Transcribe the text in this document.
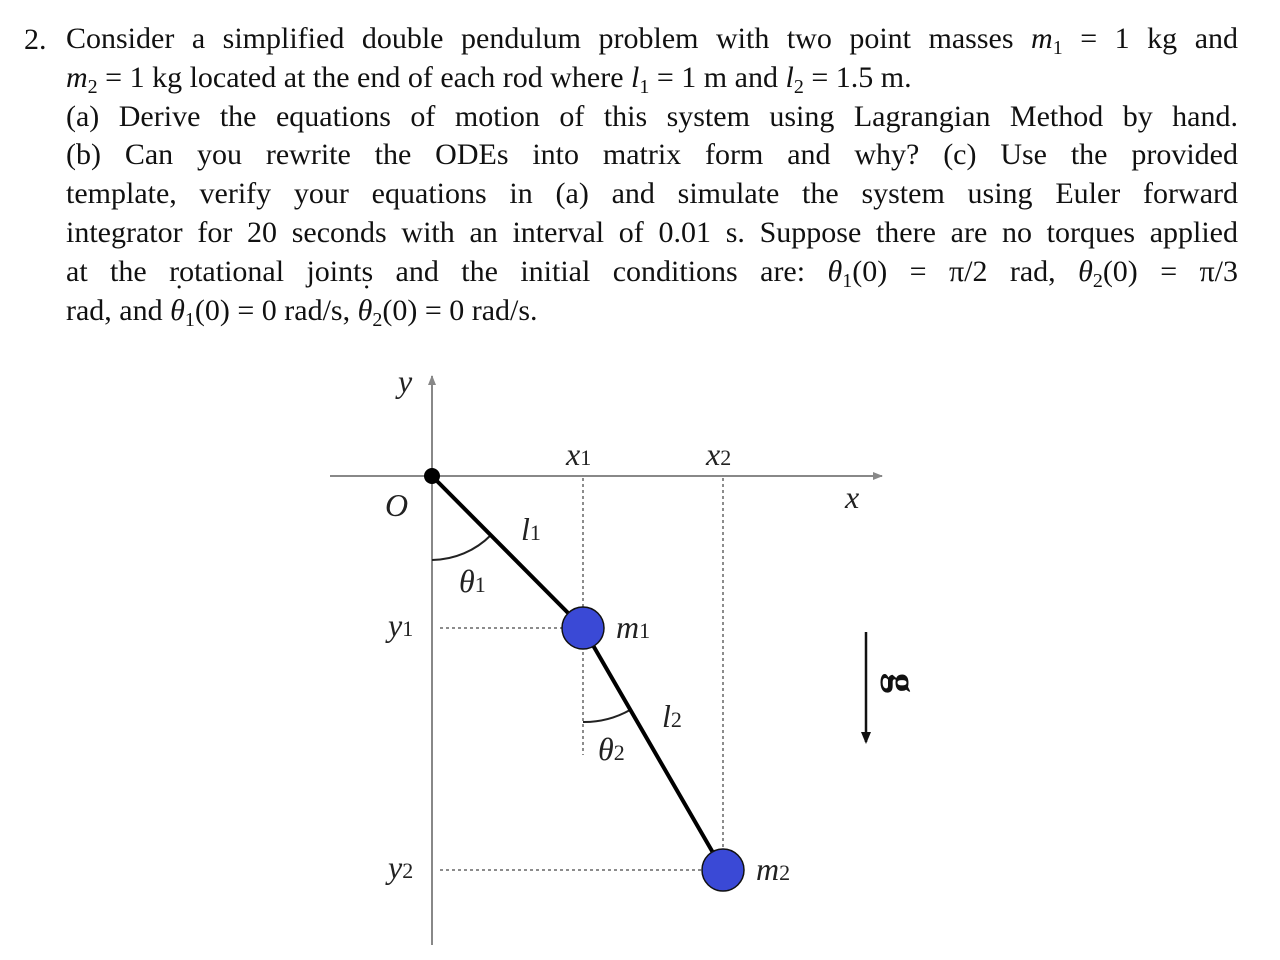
2. Consider a simplified double pendulum problem with two point masses $m_1 = 1$ kg and
$m_2 = 1$ kg located at the end of each rod where $l_1 = 1$ m and $l_2 = 1.5$ m.
(a) Derive the equations of motion of this system using Lagrangian Method by hand.
(b) Can you rewrite the ODEs into matrix form and why? (c) Use the provided
template, verify your equations in (a) and simulate the system using Euler forward
integrator for 20 seconds with an interval of 0.01 s. Suppose there are no torques applied
at the rotational joints and the initial conditions are: $\theta_1(0) = \pi/2$ rad, $\theta_2(0) = \pi/3$
rad, and ˙ $\theta_1(0) = 0$ rad/s, ˙ $\theta_2(0) = 0$ rad/s.
g
y
x
O
x1	x2
y1
y2
l1
l2
m1
m2
θ1
θ2
